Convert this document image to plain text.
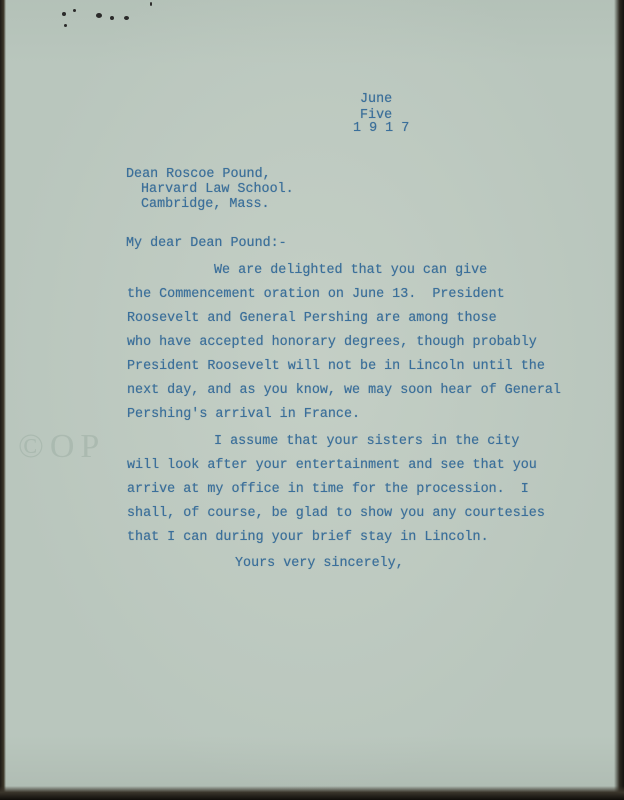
©OP
June
Five
1 9 1 7
Dean Roscoe Pound,
Harvard Law School.
Cambridge, Mass.
My dear Dean Pound:-
We are delighted that you can give
the Commencement oration on June 13.  President
Roosevelt and General Pershing are among those
who have accepted honorary degrees, though probably
President Roosevelt will not be in Lincoln until the
next day, and as you know, we may soon hear of General
Pershing's arrival in France.
I assume that your sisters in the city
will look after your entertainment and see that you
arrive at my office in time for the procession.  I
shall, of course, be glad to show you any courtesies
that I can during your brief stay in Lincoln.
Yours very sincerely,
